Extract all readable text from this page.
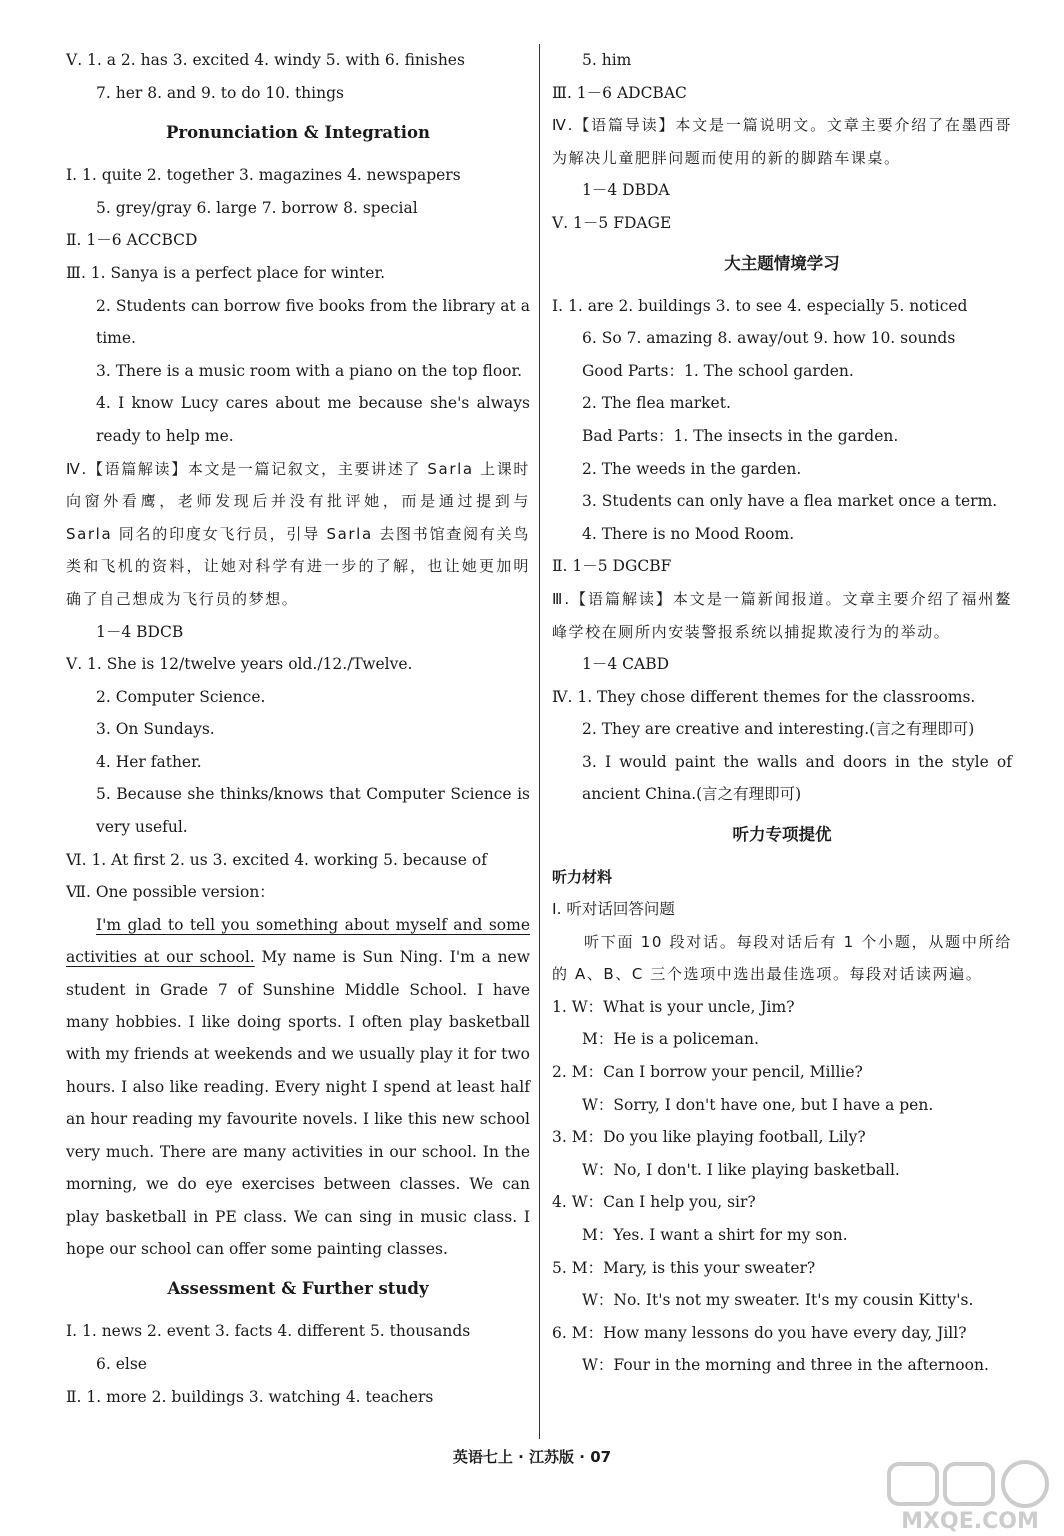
Ⅴ. 1. a 2. has 3. excited 4. windy 5. with 6. finishes
7. her 8. and 9. to do 10. things
Pronunciation & Integration
Ⅰ. 1. quite 2. together 3. magazines 4. newspapers
5. grey/gray 6. large 7. borrow 8. special
Ⅱ. 1－6 ACCBCD
Ⅲ. 1. Sanya is a perfect place for winter.
2. Students can borrow five books from the library at a time.
3. There is a music room with a piano on the top floor.
4. I know Lucy cares about me because she's always ready to help me.
Ⅳ.【语篇解读】本文是一篇记叙文，主要讲述了 Sarla 上课时向窗外看鹰，老师发现后并没有批评她，而是通过提到与 Sarla 同名的印度女飞行员，引导 Sarla 去图书馆查阅有关鸟类和飞机的资料，让她对科学有进一步的了解，也让她更加明确了自己想成为飞行员的梦想。
1－4 BDCB
Ⅴ. 1. She is 12/twelve years old./12./Twelve.
2. Computer Science.
3. On Sundays.
4. Her father.
5. Because she thinks/knows that Computer Science is very useful.
Ⅵ. 1. At first 2. us 3. excited 4. working 5. because of
Ⅶ. One possible version：
I'm glad to tell you something about myself and some activities at our school. My name is Sun Ning. I'm a new student in Grade 7 of Sunshine Middle School. I have many hobbies. I like doing sports. I often play basketball with my friends at weekends and we usually play it for two hours. I also like reading. Every night I spend at least half an hour reading my favourite novels. I like this new school very much. There are many activities in our school. In the morning, we do eye exercises between classes. We can play basketball in PE class. We can sing in music class. I hope our school can offer some painting classes.
Assessment & Further study
Ⅰ. 1. news 2. event 3. facts 4. different 5. thousands
6. else
Ⅱ. 1. more 2. buildings 3. watching 4. teachers
5. him
Ⅲ. 1－6 ADCBAC
Ⅳ.【语篇导读】本文是一篇说明文。文章主要介绍了在墨西哥为解决儿童肥胖问题而使用的新的脚踏车课桌。
1－4 DBDA
Ⅴ. 1－5 FDAGE
大主题情境学习
Ⅰ. 1. are 2. buildings 3. to see 4. especially 5. noticed
6. So 7. amazing 8. away/out 9. how 10. sounds
Good Parts：1. The school garden.
2. The flea market.
Bad Parts：1. The insects in the garden.
2. The weeds in the garden.
3. Students can only have a flea market once a term.
4. There is no Mood Room.
Ⅱ. 1－5 DGCBF
Ⅲ.【语篇解读】本文是一篇新闻报道。文章主要介绍了福州鳌峰学校在厕所内安装警报系统以捕捉欺凌行为的举动。
1－4 CABD
Ⅳ. 1. They chose different themes for the classrooms.
2. They are creative and interesting.(言之有理即可)
3. I would paint the walls and doors in the style of ancient China.(言之有理即可)
听力专项提优
听力材料
Ⅰ. 听对话回答问题
听下面 10 段对话。每段对话后有 1 个小题，从题中所给的 A、B、C 三个选项中选出最佳选项。每段对话读两遍。
1. W：What is your uncle, Jim?
M：He is a policeman.
2. M：Can I borrow your pencil, Millie?
W：Sorry, I don't have one, but I have a pen.
3. M：Do you like playing football, Lily?
W：No, I don't. I like playing basketball.
4. W：Can I help you, sir?
M：Yes. I want a shirt for my son.
5. M：Mary, is this your sweater?
W：No. It's not my sweater. It's my cousin Kitty's.
6. M：How many lessons do you have every day, Jill?
W：Four in the morning and three in the afternoon.
英语七上 · 江苏版 · 07
MXQE.COM
